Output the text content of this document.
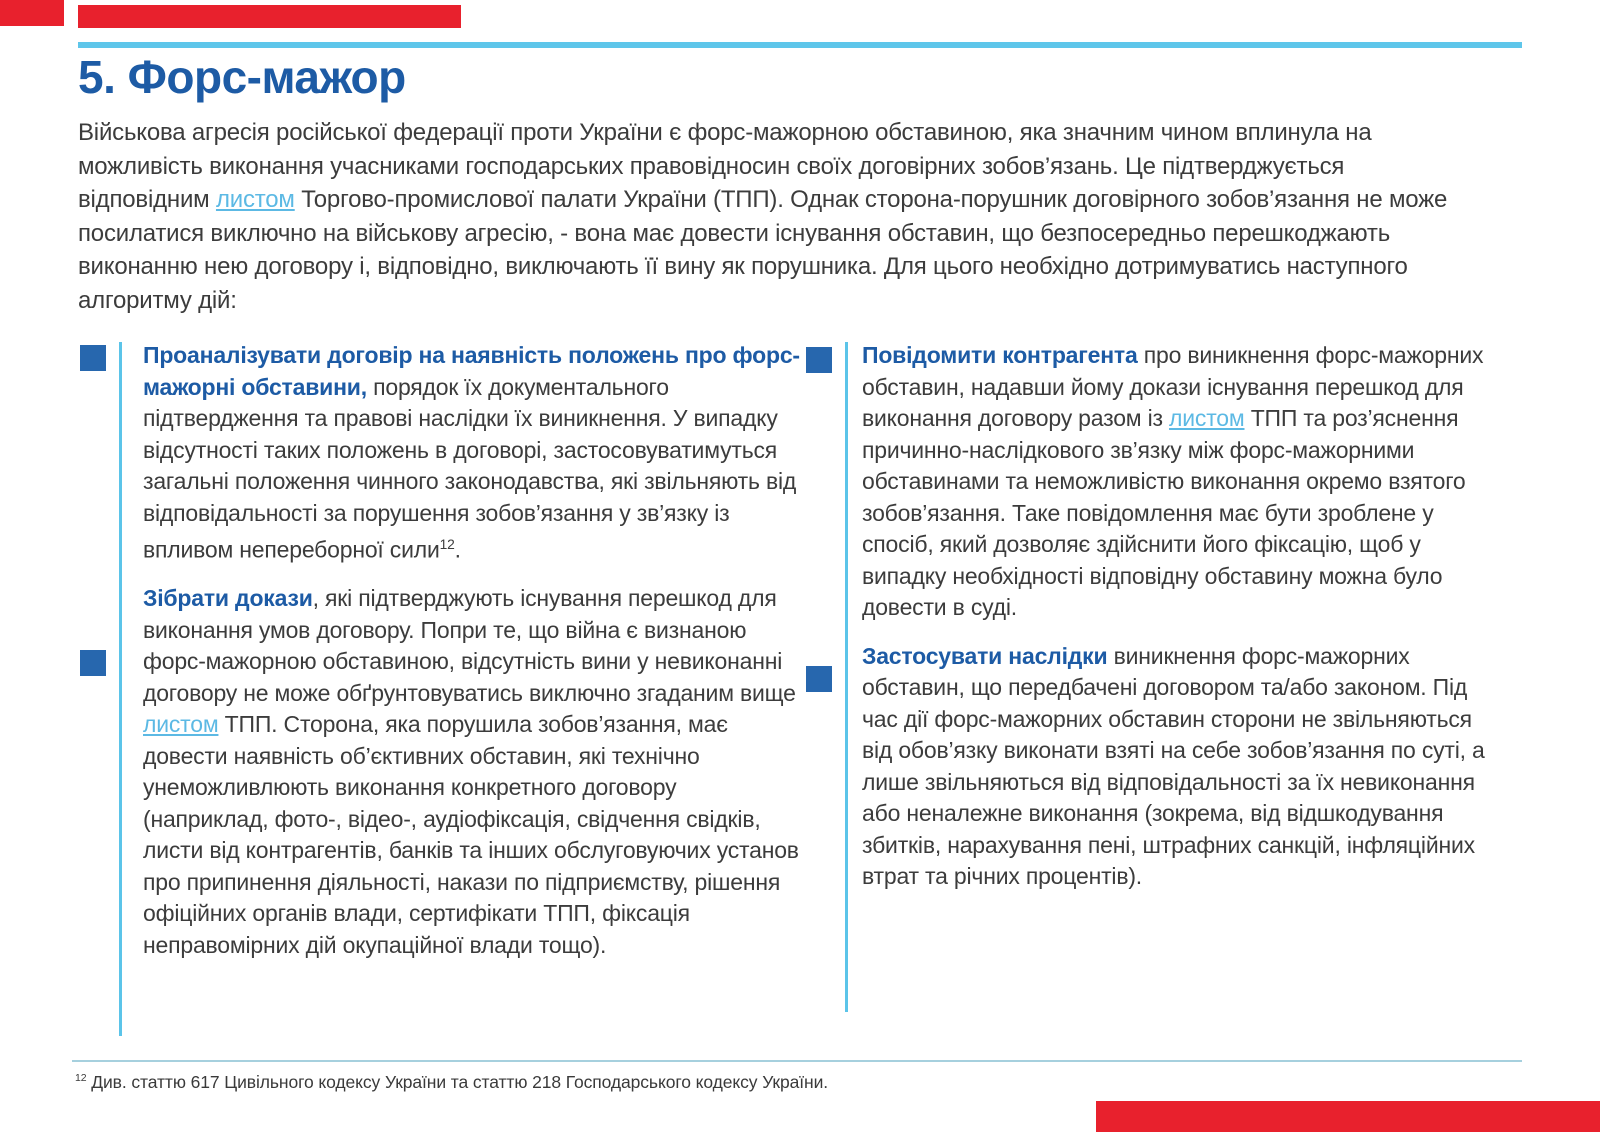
5. Форс-мажор

Військова агресія російської федерації проти України є форс-мажорною обставиною, яка значним чином вплинула на можливість виконання учасниками господарських правовідносин своїх договірних зобов’язань. Це підтверджується відповідним листом Торгово-промислової палати України (ТПП). Однак сторона-порушник договірного зобов’язання не може посилатися виключно на військову агресію, - вона має довести існування обставин, що безпосередньо перешкоджають виконанню нею договору і, відповідно, виключають її вину як порушника. Для цього необхідно дотримуватись наступного алгоритму дій:

Проаналізувати договір на наявність положень про форс-мажорні обставини, порядок їх документального підтвердження та правові наслідки їх виникнення. У випадку відсутності таких положень в договорі, застосовуватимуться загальні положення чинного законодавства, які звільняють від відповідальності за порушення зобов’язання у зв’язку із впливом непереборної сили$^{12}$.

Зібрати докази, які підтверджують існування перешкод для виконання умов договору. Попри те, що війна є визнаною форс-мажорною обставиною, відсутність вини у невиконанні договору не може обґрунтовуватись виключно згаданим вище листом ТПП. Сторона, яка порушила зобов’язання, має довести наявність об’єктивних обставин, які технічно унеможливлюють виконання конкретного договору (наприклад, фото-, відео-, аудіофіксація, свідчення свідків, листи від контрагентів, банків та інших обслуговуючих установ про припинення діяльності, накази по підприємству, рішення офіційних органів влади, сертифікати ТПП, фіксація неправомірних дій окупаційної влади тощо).

Повідомити контрагента про виникнення форс-мажорних обставин, надавши йому докази існування перешкод для виконання договору разом із листом ТПП та роз’яснення причинно-наслідкового зв’язку між форс-мажорними обставинами та неможливістю виконання окремо взятого зобов’язання. Таке повідомлення має бути зроблене у спосіб, який дозволяє здійснити його фіксацію, щоб у випадку необхідності відповідну обставину можна було довести в суді.

Застосувати наслідки виникнення форс-мажорних обставин, що передбачені договором та/або законом. Під час дії форс-мажорних обставин сторони не звільняються від обов’язку виконати взяті на себе зобов’язання по суті, а лише звільняються від відповідальності за їх невиконання або неналежне виконання (зокрема, від відшкодування збитків, нарахування пені, штрафних санкцій, інфляційних втрат та річних процентів).

$^{12}$ Див. статтю 617 Цивільного кодексу України та статтю 218 Господарського кодексу України.
